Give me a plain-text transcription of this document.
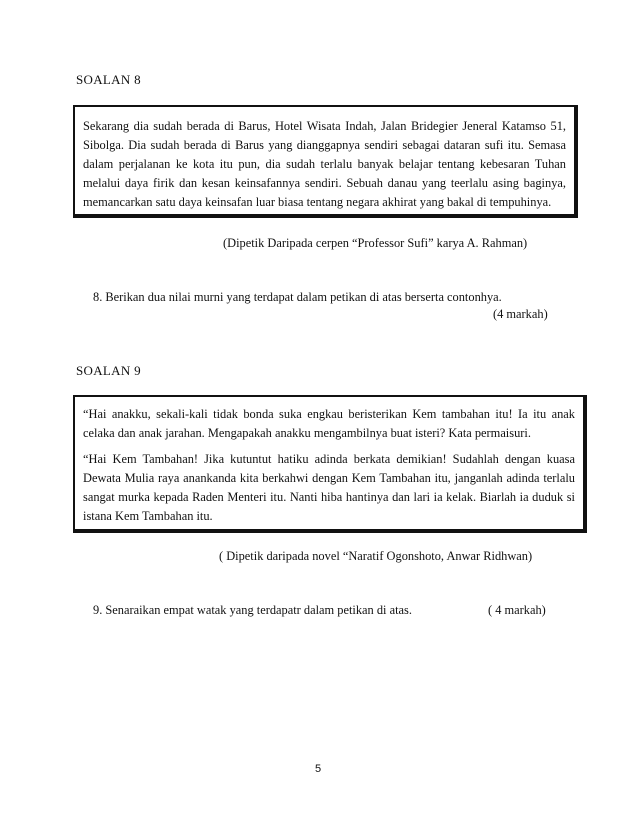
SOALAN 8

Sekarang dia sudah berada di Barus, Hotel Wisata Indah, Jalan Bridegier Jeneral Katamso 51, Sibolga. Dia sudah berada di Barus yang dianggapnya sendiri sebagai dataran sufi itu. Semasa dalam perjalanan ke kota itu pun, dia sudah terlalu banyak belajar tentang kebesaran Tuhan melalui daya firik dan kesan keinsafannya sendiri. Sebuah danau yang teerlalu asing baginya, memancarkan satu daya keinsafan luar biasa tentang negara akhirat yang bakal di tempuhinya.

(Dipetik Daripada cerpen “Professor Sufi” karya A. Rahman)
8. Berikan dua nilai murni yang terdapat dalam petikan di atas berserta contonhya.
(4 markah)
SOALAN 9

“Hai anakku, sekali-kali tidak bonda suka engkau beristerikan Kem tambahan itu! Ia itu anak celaka dan anak jarahan. Mengapakah anakku mengambilnya buat isteri? Kata permaisuri.

“Hai Kem Tambahan! Jika kutuntut hatiku adinda berkata demikian! Sudahlah dengan kuasa Dewata Mulia raya anankanda kita berkahwi dengan Kem Tambahan itu, janganlah adinda terlalu sangat murka kepada Raden Menteri itu. Nanti hiba hantinya dan lari ia kelak. Biarlah ia duduk si istana Kem Tambahan itu.

( Dipetik daripada novel “Naratif Ogonshoto, Anwar Ridhwan)
9. Senaraikan empat watak yang terdapatr dalam petikan di atas.	( 4 markah)
5
